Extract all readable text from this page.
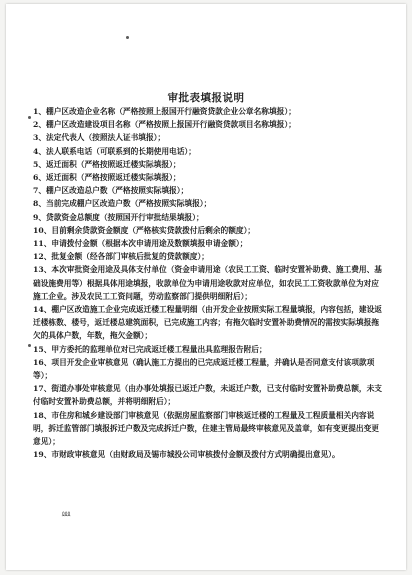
审批表填报说明

1、棚户区改造企业名称（严格按照上报国开行融资贷款企业公章名称填报）；

2、棚户区改造建设项目名称（严格按照上报国开行融资贷款项目名称填报）；

3、法定代表人（按照法人证书填报）；

4、法人联系电话（可联系到的长期使用电话）；

5、返迁面积（严格按照返迁楼实际填报）；

6、返迁面积（严格按照返迁楼实际填报）；

7、棚户区改造总户数（严格按照实际填报）；

8、当前完成棚户区改造户数（严格按照实际填报）；

9、贷款资金总额度（按照国开行审批结果填报）；

10、目前剩余贷款资金额度（严格核实贷款拨付后剩余的额度）；

11、申请拨付金额（根据本次申请用途及数额填报申请金额）；

12、批复金额（经各部门审核后批复的贷款额度）；

13、本次审批资金用途及具体支付单位（资金申请用途（农民工工资、临时安置补助费、施工费用、基础设施费用等）根据具体用途填报，收款单位为申请用途收款对应单位，如农民工工资收款单位为对应施工企业。涉及农民工工资问题，劳动监察部门提供明细附后）；

14、棚户区改造施工企业完成返迁楼工程量明细（由开发企业按照实际工程量填报，内容包括，建设返迁楼栋数、楼号，返迁楼总建筑面积，已完成施工内容；有拖欠临时安置补助费情况的需按实际填报拖欠的具体户数，年数，拖欠金额）；

15、甲方委托的监理单位对已完成返迁楼工程量出具监理报告附后；

16、项目开发企业审核意见（确认施工方提出的已完成返迁楼工程量，并确认是否同意支付该项款项等）；

17、街道办事处审核意见（由办事处填报已返迁户数，未返迁户数，已支付临时安置补助费总额，未支付临时安置补助费总额，并将明细附后）；

18、市住房和城乡建设部门审核意见（依据房屋监察部门审核返迁楼的工程量及工程质量相关内容说明，拆迁监管部门填报拆迁户数及完成拆迁户数，住建主管局最终审核意见及盖章，如有变更提出变更意见）；

19、市财政审核意见（由财政局及锡市城投公司审核拨付金额及拨付方式明确提出意见）。

⅏
